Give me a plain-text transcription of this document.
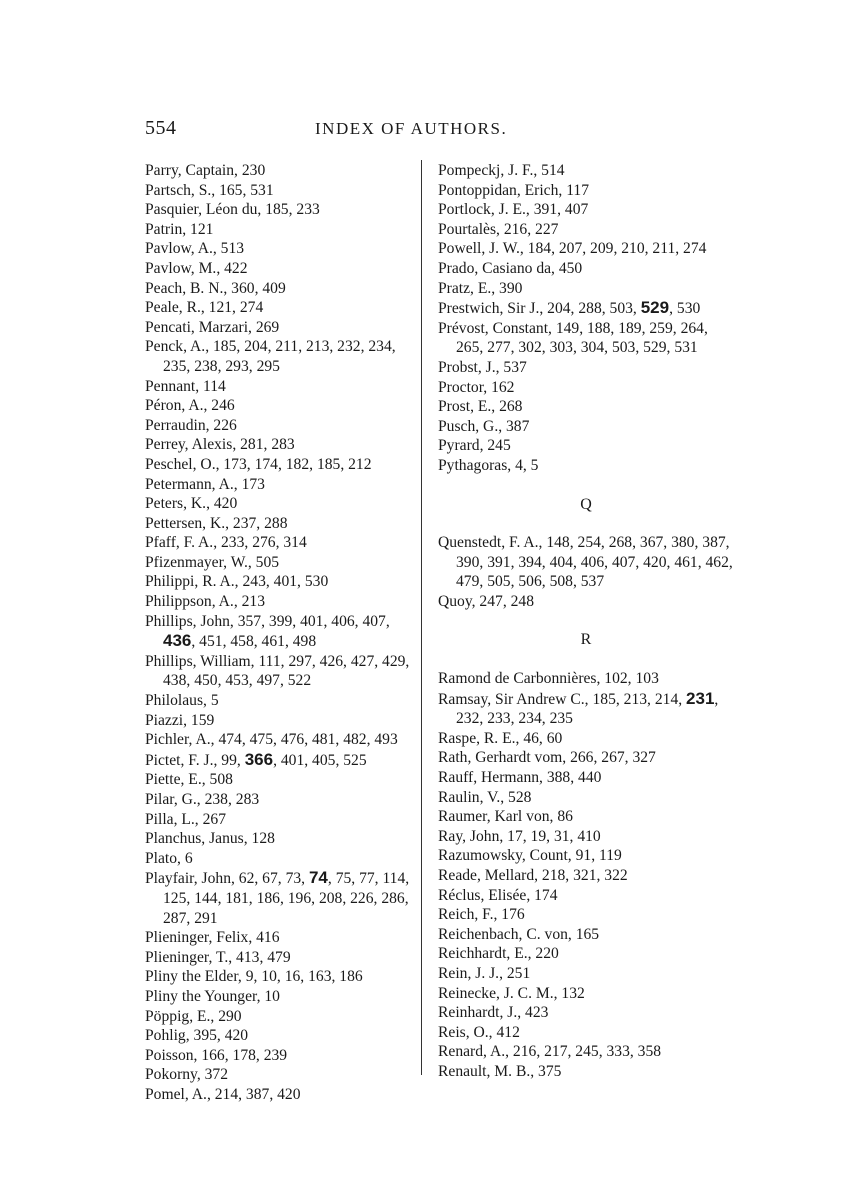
554	INDEX OF AUTHORS.
Parry, Captain, 230
Partsch, S., 165, 531
Pasquier, Léon du, 185, 233
Patrin, 121
Pavlow, A., 513
Pavlow, M., 422
Peach, B. N., 360, 409
Peale, R., 121, 274
Pencati, Marzari, 269
Penck, A., 185, 204, 211, 213, 232, 234, 235, 238, 293, 295
Pennant, 114
Péron, A., 246
Perraudin, 226
Perrey, Alexis, 281, 283
Peschel, O., 173, 174, 182, 185, 212
Petermann, A., 173
Peters, K., 420
Pettersen, K., 237, 288
Pfaff, F. A., 233, 276, 314
Pfizenmayer, W., 505
Philippi, R. A., 243, 401, 530
Philippson, A., 213
Phillips, John, 357, 399, 401, 406, 407, 436, 451, 458, 461, 498
Phillips, William, 111, 297, 426, 427, 429, 438, 450, 453, 497, 522
Philolaus, 5
Piazzi, 159
Pichler, A., 474, 475, 476, 481, 482, 493
Pictet, F. J., 99, 366, 401, 405, 525
Piette, E., 508
Pilar, G., 238, 283
Pilla, L., 267
Planchus, Janus, 128
Plato, 6
Playfair, John, 62, 67, 73, 74, 75, 77, 114, 125, 144, 181, 186, 196, 208, 226, 286, 287, 291
Plieninger, Felix, 416
Plieninger, T., 413, 479
Pliny the Elder, 9, 10, 16, 163, 186
Pliny the Younger, 10
Pöppig, E., 290
Pohlig, 395, 420
Poisson, 166, 178, 239
Pokorny, 372
Pomel, A., 214, 387, 420
Pompeckj, J. F., 514
Pontoppidan, Erich, 117
Portlock, J. E., 391, 407
Pourtalès, 216, 227
Powell, J. W., 184, 207, 209, 210, 211, 274
Prado, Casiano da, 450
Pratz, E., 390
Prestwich, Sir J., 204, 288, 503, 529, 530
Prévost, Constant, 149, 188, 189, 259, 264, 265, 277, 302, 303, 304, 503, 529, 531
Probst, J., 537
Proctor, 162
Prost, E., 268
Pusch, G., 387
Pyrard, 245
Pythagoras, 4, 5
Q
Quenstedt, F. A., 148, 254, 268, 367, 380, 387, 390, 391, 394, 404, 406, 407, 420, 461, 462, 479, 505, 506, 508, 537
Quoy, 247, 248
R
Ramond de Carbonnières, 102, 103
Ramsay, Sir Andrew C., 185, 213, 214, 231, 232, 233, 234, 235
Raspe, R. E., 46, 60
Rath, Gerhardt vom, 266, 267, 327
Rauff, Hermann, 388, 440
Raulin, V., 528
Raumer, Karl von, 86
Ray, John, 17, 19, 31, 410
Razumowsky, Count, 91, 119
Reade, Mellard, 218, 321, 322
Réclus, Elisée, 174
Reich, F., 176
Reichenbach, C. von, 165
Reichhardt, E., 220
Rein, J. J., 251
Reinecke, J. C. M., 132
Reinhardt, J., 423
Reis, O., 412
Renard, A., 216, 217, 245, 333, 358
Renault, M. B., 375
